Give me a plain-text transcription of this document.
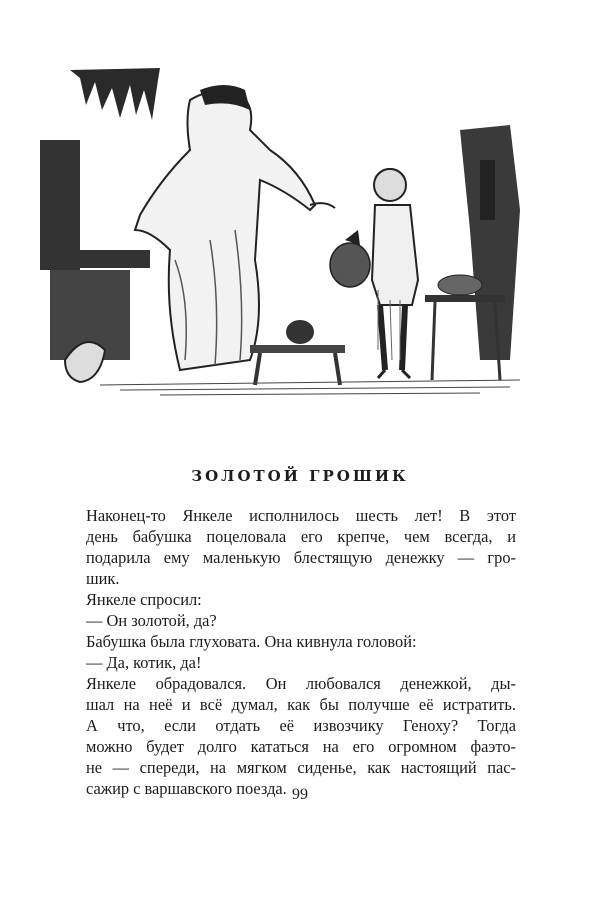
ЗОЛОТОЙ ГРОШИК
Наконец-то Янкеле исполнилось шесть лет! В этот
день бабушка поцеловала его крепче, чем всегда, и
подарила ему маленькую блестящую денежку — гро-
шик.
Янкеле спросил:
— Он золотой, да?
Бабушка была глуховата. Она кивнула головой:
— Да, котик, да!
Янкеле обрадовался. Он любовался денежкой, ды-
шал на неё и всё думал, как бы получше её истратить.
А что, если отдать её извозчику Геноху? Тогда
можно будет долго кататься на его огромном фаэто-
не — спереди, на мягком сиденье, как настоящий пас-
сажир с варшавского поезда. 99
